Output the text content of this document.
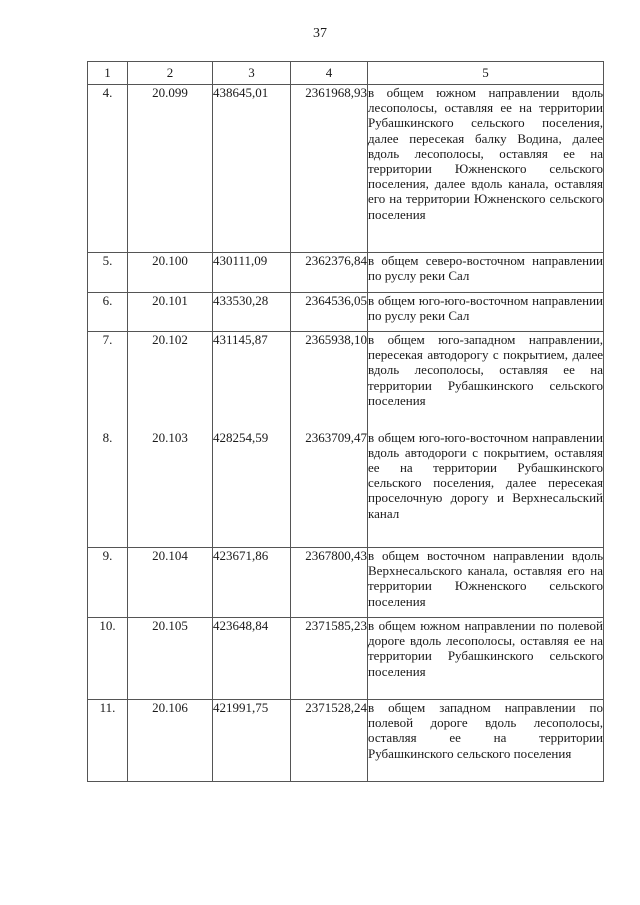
37
1	2	3	4	5
4.	20.099	438645,01	2361968,93	в общем южном направлении вдоль лесополосы, оставляя ее на территории Рубашкинского сельского поселения, далее пересекая балку Водина, далее вдоль лесополосы, оставляя ее на территории Южненского сельского поселения, далее вдоль канала, оставляя его на территории Южненского сельского поселения
5.	20.100	430111,09	2362376,84	в общем северо-восточном направлении по руслу реки Сал
6.	20.101	433530,28	2364536,05	в общем юго-юго-восточном направлении по руслу реки Сал
7.	20.102	431145,87	2365938,10	в общем юго-западном направлении, пересекая автодорогу с покрытием, далее вдоль лесополосы, оставляя ее на территории Рубашкинского сельского поселения
8.	20.103	428254,59	2363709,47	в общем юго-юго-восточном направлении вдоль автодороги с покрытием, оставляя ее на территории Рубашкинского сельского поселения, далее пересекая проселочную дорогу и Верхнесальский канал
9.	20.104	423671,86	2367800,43	в общем восточном направлении вдоль Верхнесальского канала, оставляя его на территории Южненского сельского поселения
10.	20.105	423648,84	2371585,23	в общем южном направлении по полевой дороге вдоль лесополосы, оставляя ее на территории Рубашкинского сельского поселения
11.	20.106	421991,75	2371528,24	в общем западном направлении по полевой дороге вдоль лесополосы, оставляя ее на территории Рубашкинского сельского поселения
